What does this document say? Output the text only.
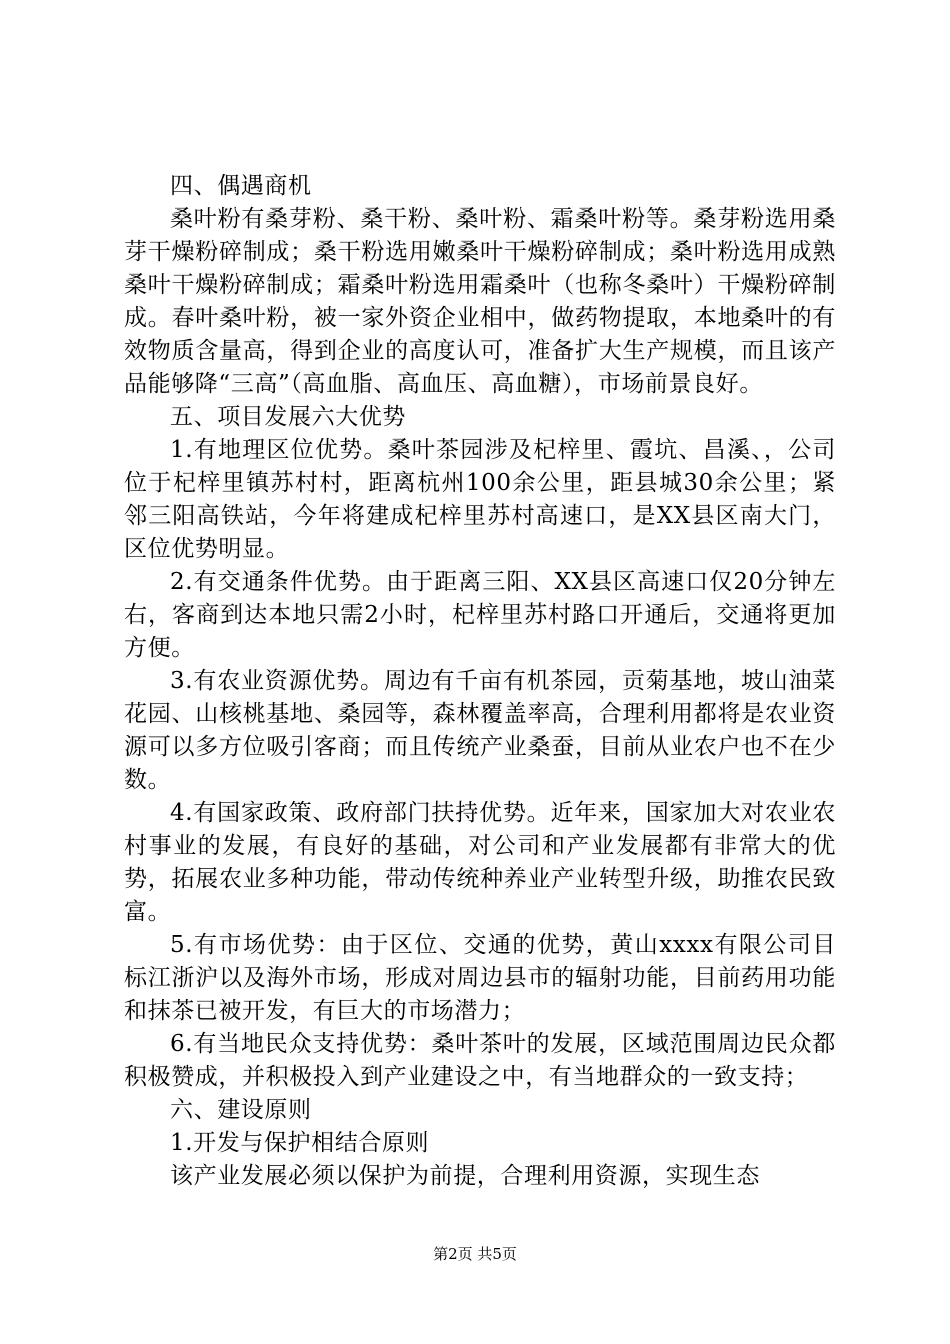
四、偶遇商机

桑叶粉有桑芽粉、桑干粉、桑叶粉、霜桑叶粉等。桑芽粉选用桑芽干燥粉碎制成；桑干粉选用嫩桑叶干燥粉碎制成；桑叶粉选用成熟桑叶干燥粉碎制成；霜桑叶粉选用霜桑叶（也称冬桑叶）干燥粉碎制成。春叶桑叶粉，被一家外资企业相中，做药物提取，本地桑叶的有效物质含量高，得到企业的高度认可，准备扩大生产规模，而且该产品能够降“三高”（高血脂、高血压、高血糖），市场前景良好。

五、项目发展六大优势

1.有地理区位优势。桑叶茶园涉及杞梓里、霞坑、昌溪、，公司位于杞梓里镇苏村村，距离杭州100余公里，距县城30余公里；紧邻三阳高铁站，今年将建成杞梓里苏村高速口，是XX县区南大门，区位优势明显。

2.有交通条件优势。由于距离三阳、XX县区高速口仅20分钟左右，客商到达本地只需2小时，杞梓里苏村路口开通后，交通将更加方便。

3.有农业资源优势。周边有千亩有机茶园，贡菊基地，坡山油菜花园、山核桃基地、桑园等，森林覆盖率高，合理利用都将是农业资源可以多方位吸引客商；而且传统产业桑蚕，目前从业农户也不在少数。

4.有国家政策、政府部门扶持优势。近年来，国家加大对农业农村事业的发展，有良好的基础，对公司和产业发展都有非常大的优势，拓展农业多种功能，带动传统种养业产业转型升级，助推农民致富。

5.有市场优势：由于区位、交通的优势，黄山xxxx有限公司目标江浙沪以及海外市场，形成对周边县市的辐射功能，目前药用功能和抹茶已被开发，有巨大的市场潜力；

6.有当地民众支持优势：桑叶茶叶的发展，区域范围周边民众都积极赞成，并积极投入到产业建设之中，有当地群众的一致支持；

六、建设原则

1.开发与保护相结合原则

该产业发展必须以保护为前提，合理利用资源，实现生态

第2页 共5页
